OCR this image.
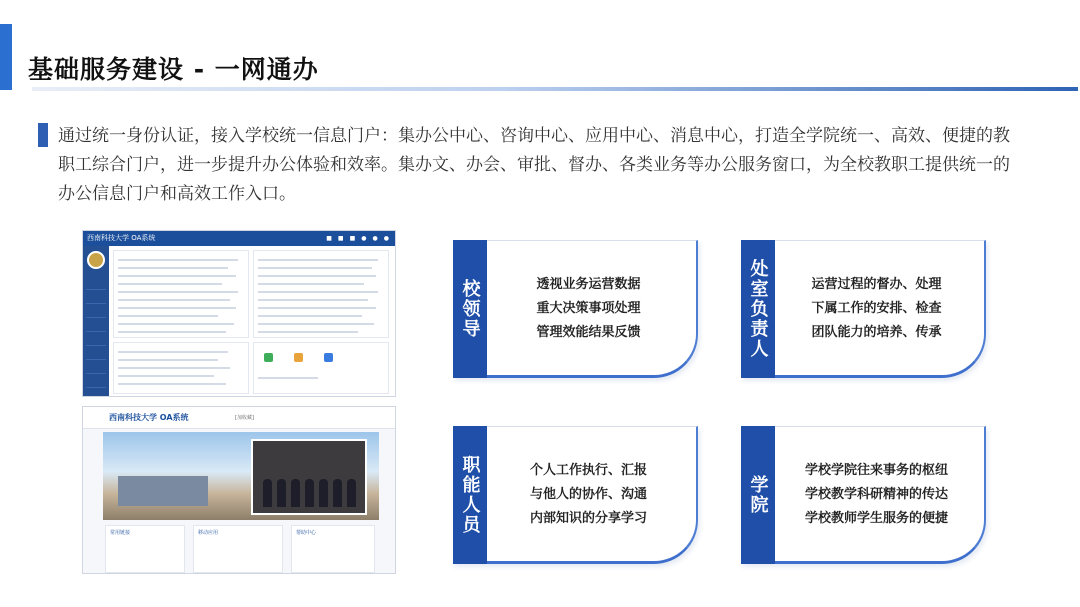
基础服务建设 - 一网通办

通过统一身份认证，接入学校统一信息门户：集办公中心、咨询中心、应用中心、消息中心，打造全学院统一、高效、便捷的教职工综合门户，进一步提升办公体验和效率。集办文、办会、审批、督办、各类业务等办公服务窗口，为全校教职工提供统一的办公信息门户和高效工作入口。

西南科技大学 OA系统	■ ■ ■ ● ● ●
西南科技大学 OA系统	[加收藏]
常用链接	移动应用	帮助中心
校领导	透视业务运营数据
重大决策事项处理
管理效能结果反馈	处室负责人	运营过程的督办、处理
下属工作的安排、检查
团队能力的培养、传承
职能人员	个人工作执行、汇报
与他人的协作、沟通
内部知识的分享学习
学院
学校学院往来事务的枢纽
学校教学科研精神的传达
学校教师学生服务的便捷
